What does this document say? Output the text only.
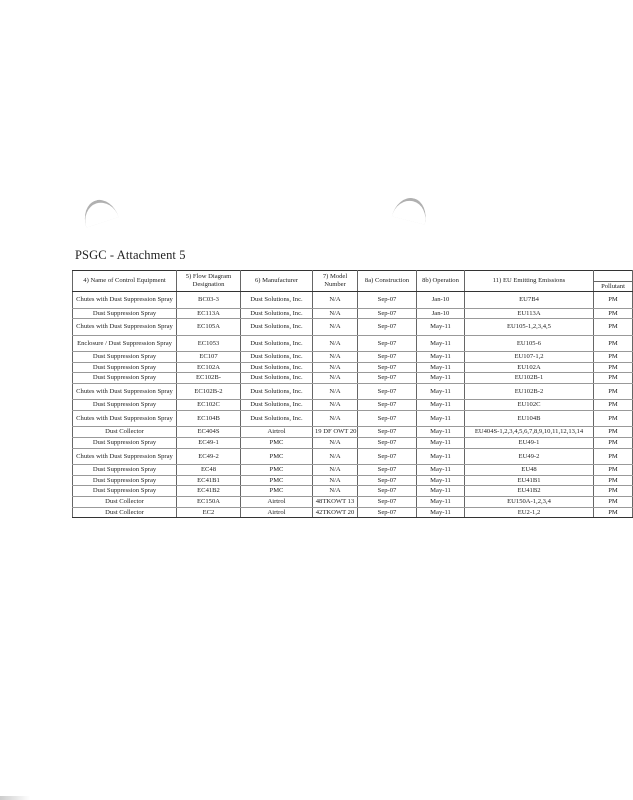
PSGC - Attachment 5
4) Name of Control Equipment	5) Flow Diagram Designation	6) Manufacturer	7) Model Number	8a) Construction	8b) Operation	11) EU Emitting Emissions	
							Pollutant
Chutes with Dust Suppression Spray	BC03-3	Dust Solutions, Inc.	N/A	Sep-07	Jan-10	EU7B4	PM
Dust Suppression Spray	EC113A	Dust Solutions, Inc.	N/A	Sep-07	Jan-10	EU113A	PM
Chutes with Dust Suppression Spray	EC105A	Dust Solutions, Inc.	N/A	Sep-07	May-11	EU105-1,2,3,4,5	PM
Enclosure / Dust Suppression Spray	EC1053	Dust Solutions, Inc.	N/A	Sep-07	May-11	EU105-6	PM
Dust Suppression Spray	EC107	Dust Solutions, Inc.	N/A	Sep-07	May-11	EU107-1,2	PM
Dust Suppression Spray	EC102A	Dust Solutions, Inc.	N/A	Sep-07	May-11	EU102A	PM
Dust Suppression Spray	EC102B-	Dust Solutions, Inc.	N/A	Sep-07	May-11	EU102B-1	PM
Chutes with Dust Suppression Spray	EC102B-2	Dust Solutions, Inc.	N/A	Sep-07	May-11	EU102B-2	PM
Dust Suppression Spray	EC102C	Dust Solutions, Inc.	N/A	Sep-07	May-11	EU102C	PM
Chutes with Dust Suppression Spray	EC104B	Dust Solutions, Inc.	N/A	Sep-07	May-11	EU104B	PM
Dust Collector	EC404S	Airtrol	19 DF OWT 20	Sep-07	May-11	EU404S-1,2,3,4,5,6,7,8,9,10,11,12,13,14	PM
Dust Suppression Spray	EC49-1	PMC	N/A	Sep-07	May-11	EU49-1	PM
Chutes with Dust Suppression Spray	EC49-2	PMC	N/A	Sep-07	May-11	EU49-2	PM
Dust Suppression Spray	EC48	PMC	N/A	Sep-07	May-11	EU48	PM
Dust Suppression Spray	EC41B1	PMC	N/A	Sep-07	May-11	EU41B1	PM
Dust Suppression Spray	EC41B2	PMC	N/A	Sep-07	May-11	EU41B2	PM
Dust Collector	EC150A	Airtrol	48TKOWT 13	Sep-07	May-11	EU150A-1,2,3,4	PM
Dust Collector	EC2	Airtrol	42TKOWT 20	Sep-07	May-11	EU2-1,2	PM
